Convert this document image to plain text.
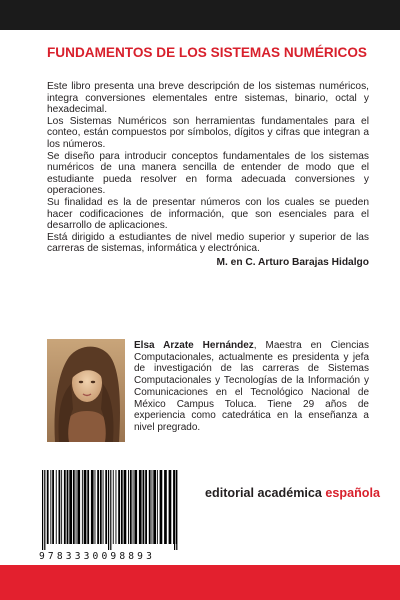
FUNDAMENTOS DE LOS SISTEMAS NUMÉRICOS

Este libro presenta una breve descripción de los sistemas numéricos, integra conversiones elementales entre sistemas, binario, octal y hexadecimal.

Los Sistemas Numéricos son herramientas fundamentales para el conteo, están compuestos por símbolos, dígitos y cifras que integran a los números.

Se diseño para introducir conceptos fundamentales de los sistemas numéricos de una manera sencilla de entender de modo que el estudiante pueda resolver en forma adecuada conversiones y operaciones.

Su finalidad es la de presentar números con los cuales se pueden hacer codificaciones de información, que son esenciales para el desarrollo de aplicaciones.

Está dirigido a estudiantes de nivel medio superior y superior de las carreras de sistemas, informática y electrónica.

M. en C. Arturo Barajas Hidalgo

Elsa Arzate Hernández, Maestra en Ciencias Computacionales, actualmente es presidenta y jefa de investigación de las carreras de Sistemas Computacionales y Tecnologías de la Información y Comunicaciones en el Tecnológico Nacional de México Campus Toluca. Tiene 29 años de experiencia como catedrática en la enseñanza a nivel pregrado.
9783330098893
editorial académica española
